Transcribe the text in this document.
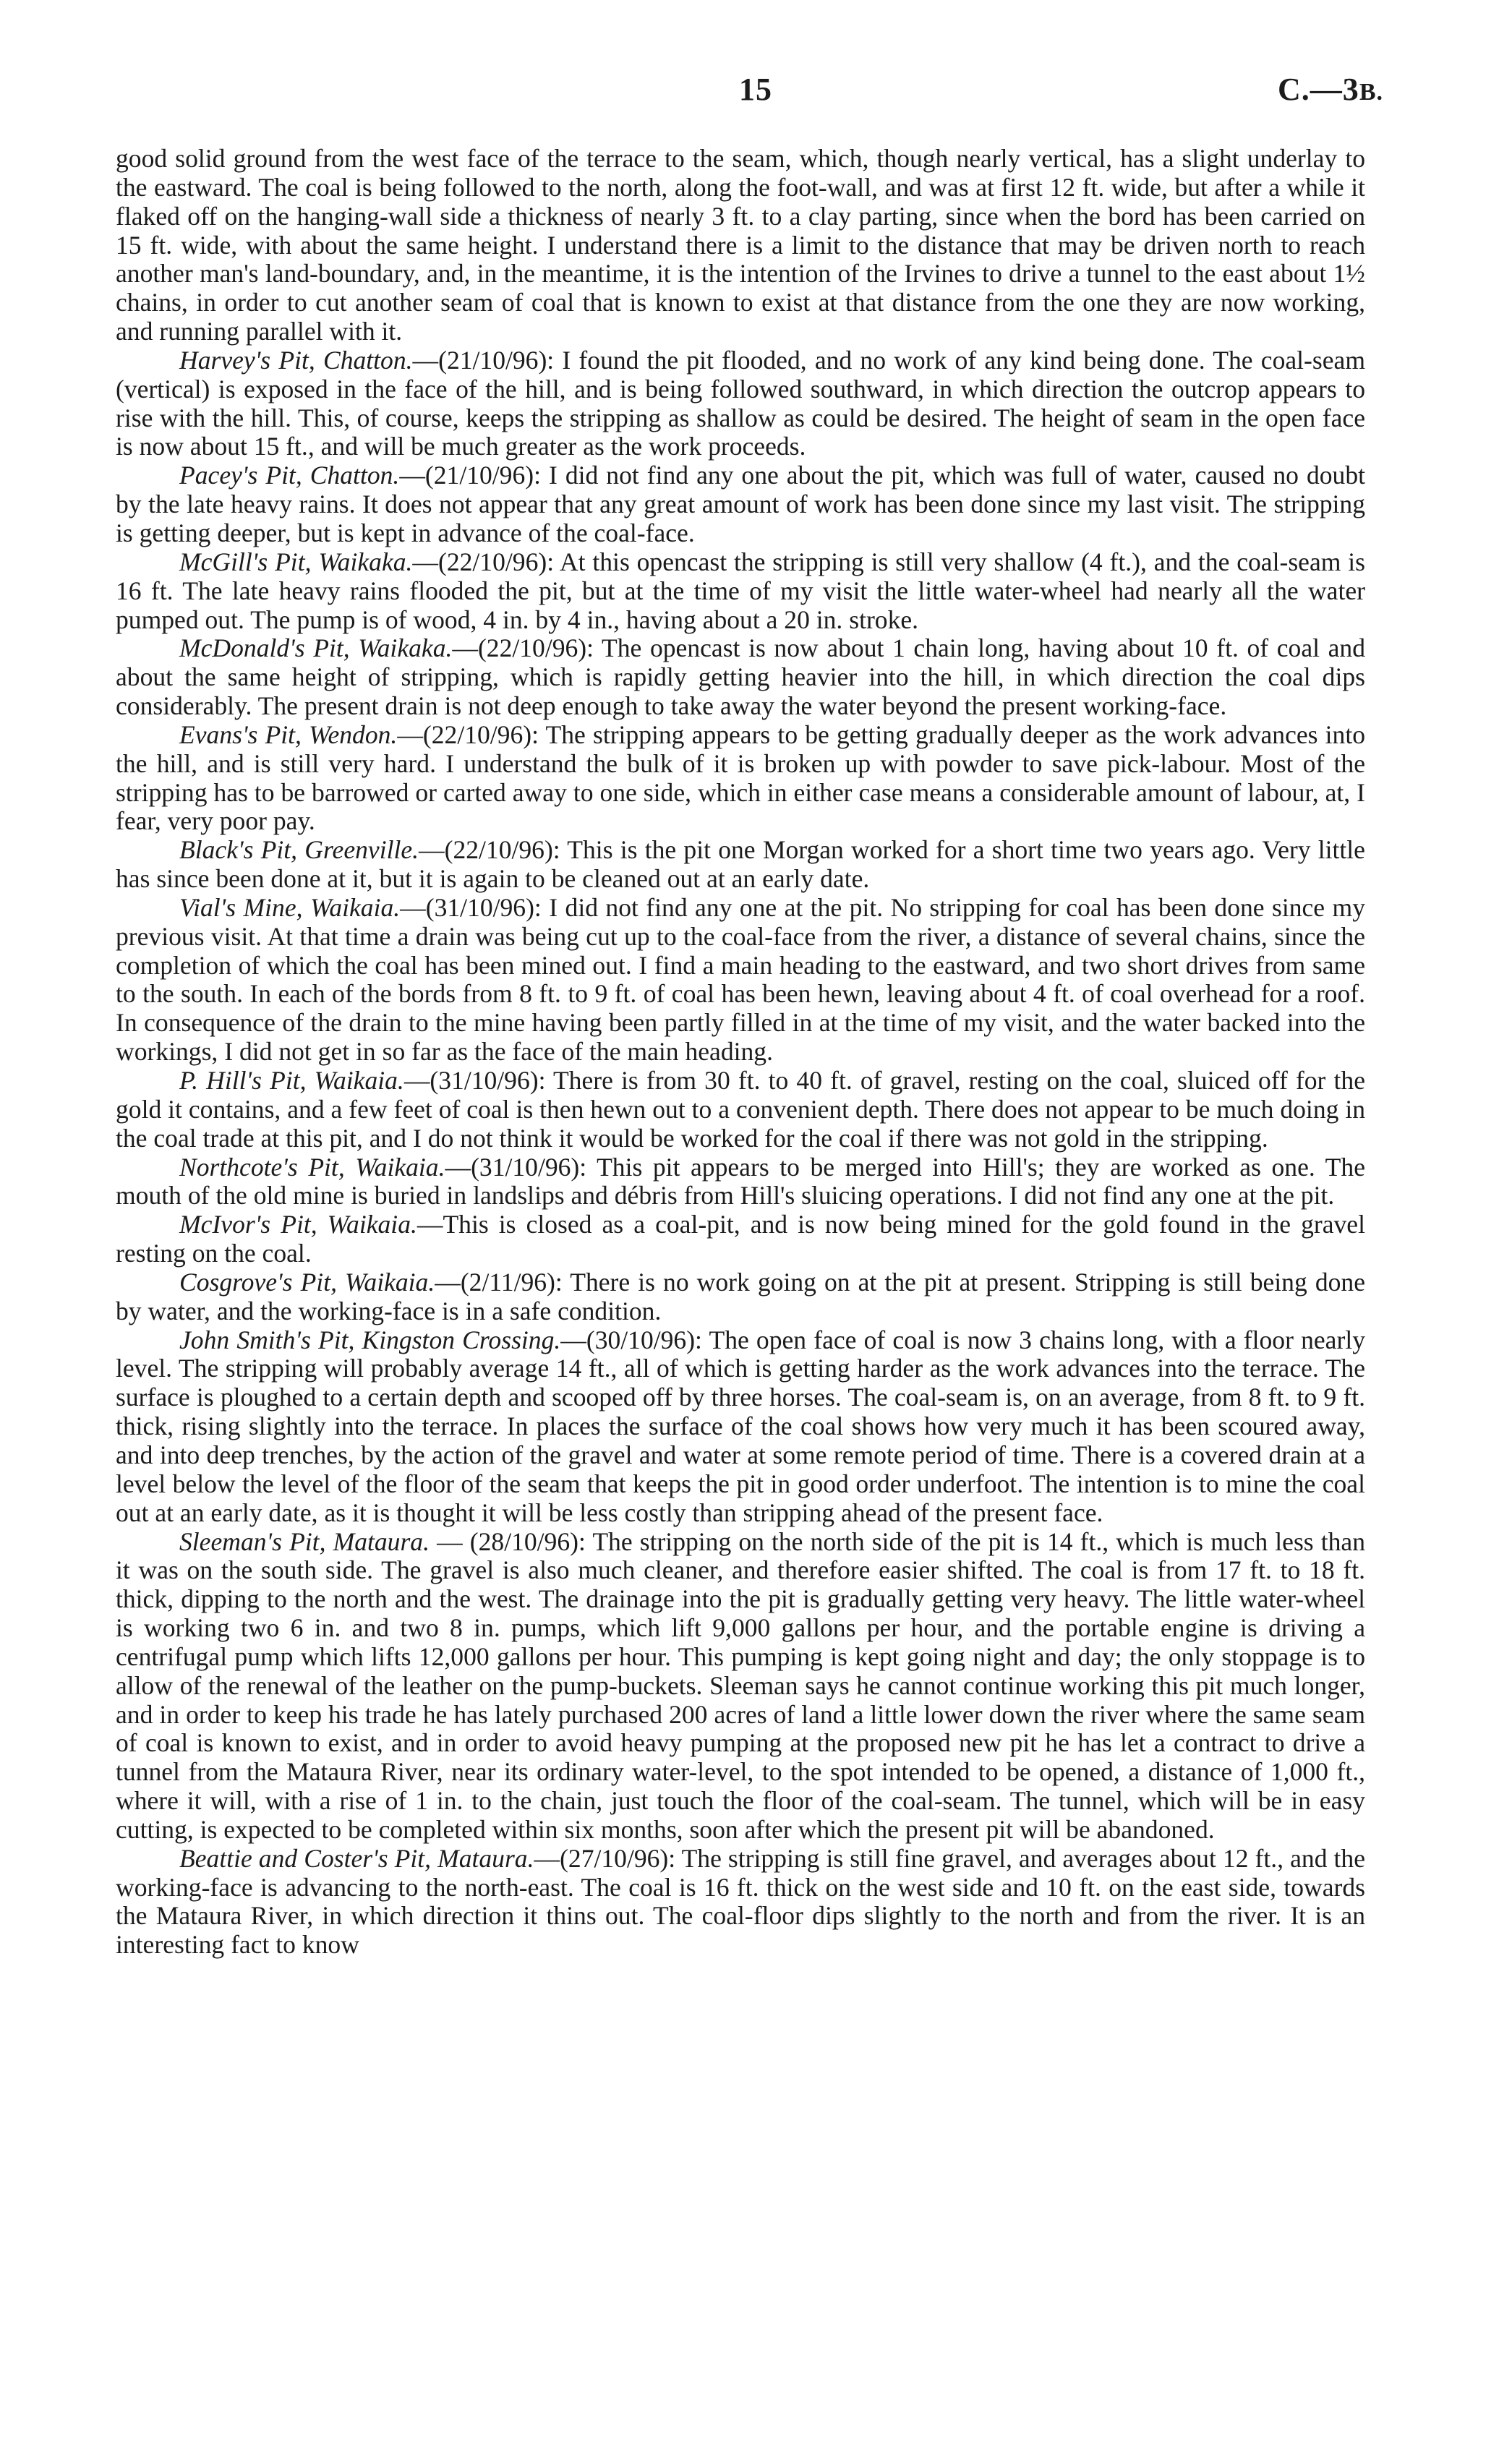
15	C.—3B.

good solid ground from the west face of the terrace to the seam, which, though nearly vertical, has a slight underlay to the eastward. The coal is being followed to the north, along the foot-wall, and was at first 12 ft. wide, but after a while it flaked off on the hanging-wall side a thickness of nearly 3 ft. to a clay parting, since when the bord has been carried on 15 ft. wide, with about the same height. I understand there is a limit to the distance that may be driven north to reach another man's land-boundary, and, in the meantime, it is the intention of the Irvines to drive a tunnel to the east about 1½ chains, in order to cut another seam of coal that is known to exist at that distance from the one they are now working, and running parallel with it.

Harvey's Pit, Chatton.—(21/10/96): I found the pit flooded, and no work of any kind being done. The coal-seam (vertical) is exposed in the face of the hill, and is being followed southward, in which direction the outcrop appears to rise with the hill. This, of course, keeps the stripping as shallow as could be desired. The height of seam in the open face is now about 15 ft., and will be much greater as the work proceeds.

Pacey's Pit, Chatton.—(21/10/96): I did not find any one about the pit, which was full of water, caused no doubt by the late heavy rains. It does not appear that any great amount of work has been done since my last visit. The stripping is getting deeper, but is kept in advance of the coal-face.

McGill's Pit, Waikaka.—(22/10/96): At this opencast the stripping is still very shallow (4 ft.), and the coal-seam is 16 ft. The late heavy rains flooded the pit, but at the time of my visit the little water-wheel had nearly all the water pumped out. The pump is of wood, 4 in. by 4 in., having about a 20 in. stroke.

McDonald's Pit, Waikaka.—(22/10/96): The opencast is now about 1 chain long, having about 10 ft. of coal and about the same height of stripping, which is rapidly getting heavier into the hill, in which direction the coal dips considerably. The present drain is not deep enough to take away the water beyond the present working-face.

Evans's Pit, Wendon.—(22/10/96): The stripping appears to be getting gradually deeper as the work advances into the hill, and is still very hard. I understand the bulk of it is broken up with powder to save pick-labour. Most of the stripping has to be barrowed or carted away to one side, which in either case means a considerable amount of labour, at, I fear, very poor pay.

Black's Pit, Greenville.—(22/10/96): This is the pit one Morgan worked for a short time two years ago. Very little has since been done at it, but it is again to be cleaned out at an early date.

Vial's Mine, Waikaia.—(31/10/96): I did not find any one at the pit. No stripping for coal has been done since my previous visit. At that time a drain was being cut up to the coal-face from the river, a distance of several chains, since the completion of which the coal has been mined out. I find a main heading to the eastward, and two short drives from same to the south. In each of the bords from 8 ft. to 9 ft. of coal has been hewn, leaving about 4 ft. of coal overhead for a roof. In consequence of the drain to the mine having been partly filled in at the time of my visit, and the water backed into the workings, I did not get in so far as the face of the main heading.

P. Hill's Pit, Waikaia.—(31/10/96): There is from 30 ft. to 40 ft. of gravel, resting on the coal, sluiced off for the gold it contains, and a few feet of coal is then hewn out to a convenient depth. There does not appear to be much doing in the coal trade at this pit, and I do not think it would be worked for the coal if there was not gold in the stripping.

Northcote's Pit, Waikaia.—(31/10/96): This pit appears to be merged into Hill's; they are worked as one. The mouth of the old mine is buried in landslips and débris from Hill's sluicing operations. I did not find any one at the pit.

McIvor's Pit, Waikaia.—This is closed as a coal-pit, and is now being mined for the gold found in the gravel resting on the coal.

Cosgrove's Pit, Waikaia.—(2/11/96): There is no work going on at the pit at present. Stripping is still being done by water, and the working-face is in a safe condition.

John Smith's Pit, Kingston Crossing.—(30/10/96): The open face of coal is now 3 chains long, with a floor nearly level. The stripping will probably average 14 ft., all of which is getting harder as the work advances into the terrace. The surface is ploughed to a certain depth and scooped off by three horses. The coal-seam is, on an average, from 8 ft. to 9 ft. thick, rising slightly into the terrace. In places the surface of the coal shows how very much it has been scoured away, and into deep trenches, by the action of the gravel and water at some remote period of time. There is a covered drain at a level below the level of the floor of the seam that keeps the pit in good order underfoot. The intention is to mine the coal out at an early date, as it is thought it will be less costly than stripping ahead of the present face.

Sleeman's Pit, Mataura. — (28/10/96): The stripping on the north side of the pit is 14 ft., which is much less than it was on the south side. The gravel is also much cleaner, and therefore easier shifted. The coal is from 17 ft. to 18 ft. thick, dipping to the north and the west. The drainage into the pit is gradually getting very heavy. The little water-wheel is working two 6 in. and two 8 in. pumps, which lift 9,000 gallons per hour, and the portable engine is driving a centrifugal pump which lifts 12,000 gallons per hour. This pumping is kept going night and day; the only stoppage is to allow of the renewal of the leather on the pump-buckets. Sleeman says he cannot continue working this pit much longer, and in order to keep his trade he has lately purchased 200 acres of land a little lower down the river where the same seam of coal is known to exist, and in order to avoid heavy pumping at the proposed new pit he has let a contract to drive a tunnel from the Mataura River, near its ordinary water-level, to the spot intended to be opened, a distance of 1,000 ft., where it will, with a rise of 1 in. to the chain, just touch the floor of the coal-seam. The tunnel, which will be in easy cutting, is expected to be completed within six months, soon after which the present pit will be abandoned.

Beattie and Coster's Pit, Mataura.—(27/10/96): The stripping is still fine gravel, and averages about 12 ft., and the working-face is advancing to the north-east. The coal is 16 ft. thick on the west side and 10 ft. on the east side, towards the Mataura River, in which direction it thins out. The coal-floor dips slightly to the north and from the river. It is an interesting fact to know
